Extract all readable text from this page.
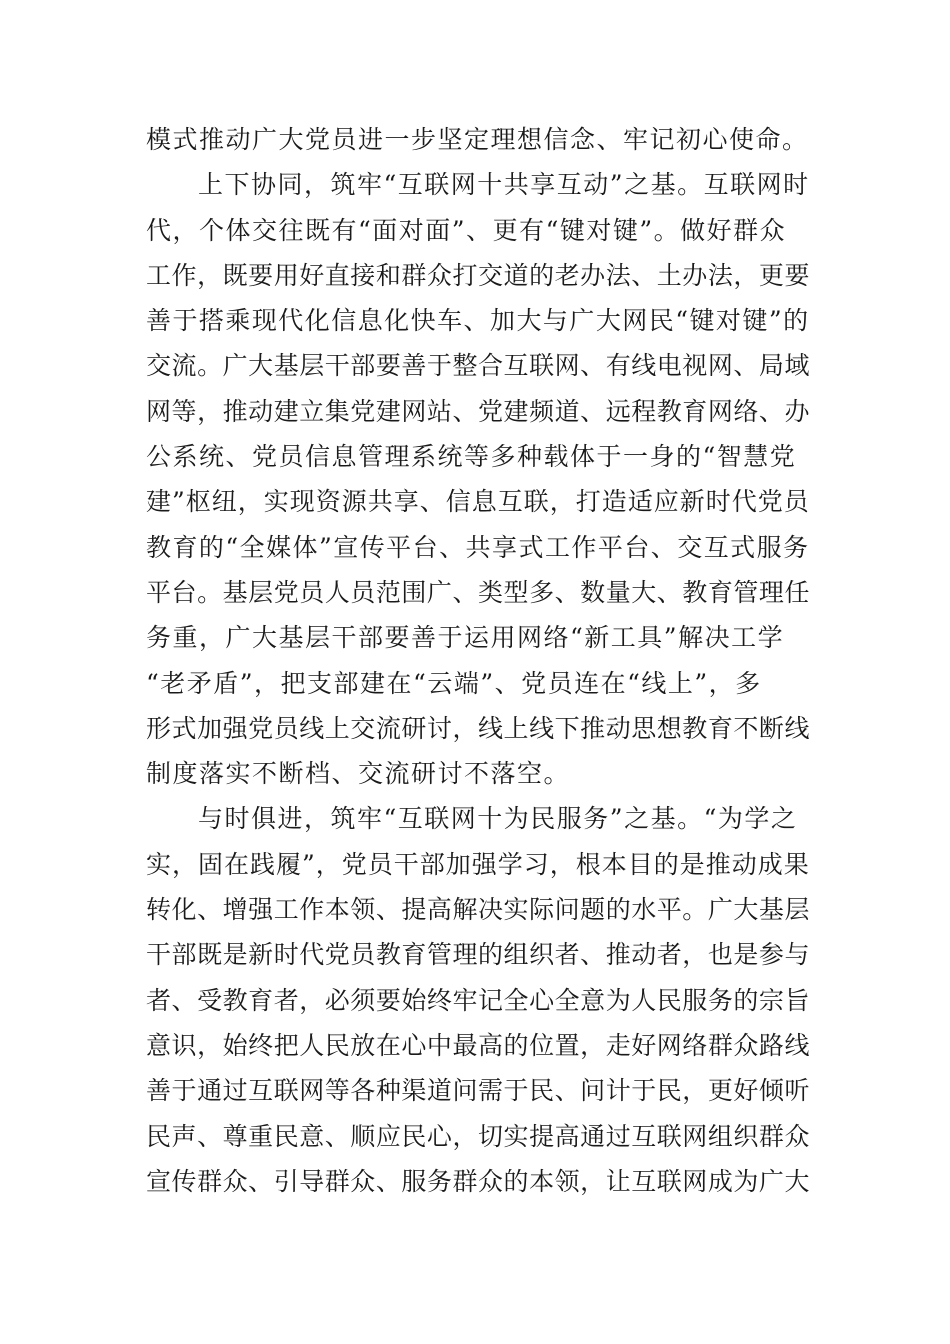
模式推动广大党员进一步坚定理想信念、牢记初心使命。
上下协同，筑牢“互联网十共享互动”之基。互联网时
代，个体交往既有“面对面”、更有“键对键”。做好群众
工作，既要用好直接和群众打交道的老办法、土办法，更要
善于搭乘现代化信息化快车、加大与广大网民“键对键”的
交流。广大基层干部要善于整合互联网、有线电视网、局域
网等，推动建立集党建网站、党建频道、远程教育网络、办
公系统、党员信息管理系统等多种载体于一身的“智慧党
建”枢纽，实现资源共享、信息互联，打造适应新时代党员
教育的“全媒体”宣传平台、共享式工作平台、交互式服务
平台。基层党员人员范围广、类型多、数量大、教育管理任
务重，广大基层干部要善于运用网络“新工具”解决工学
“老矛盾”，把支部建在“云端”、党员连在“线上”，多
形式加强党员线上交流研讨，线上线下推动思想教育不断线
制度落实不断档、交流研讨不落空。
与时俱进，筑牢“互联网十为民服务”之基。“为学之
实，固在践履”，党员干部加强学习，根本目的是推动成果
转化、增强工作本领、提高解决实际问题的水平。广大基层
干部既是新时代党员教育管理的组织者、推动者，也是参与
者、受教育者，必须要始终牢记全心全意为人民服务的宗旨
意识，始终把人民放在心中最高的位置，走好网络群众路线
善于通过互联网等各种渠道问需于民、问计于民，更好倾听
民声、尊重民意、顺应民心，切实提高通过互联网组织群众
宣传群众、引导群众、服务群众的本领，让互联网成为广大
